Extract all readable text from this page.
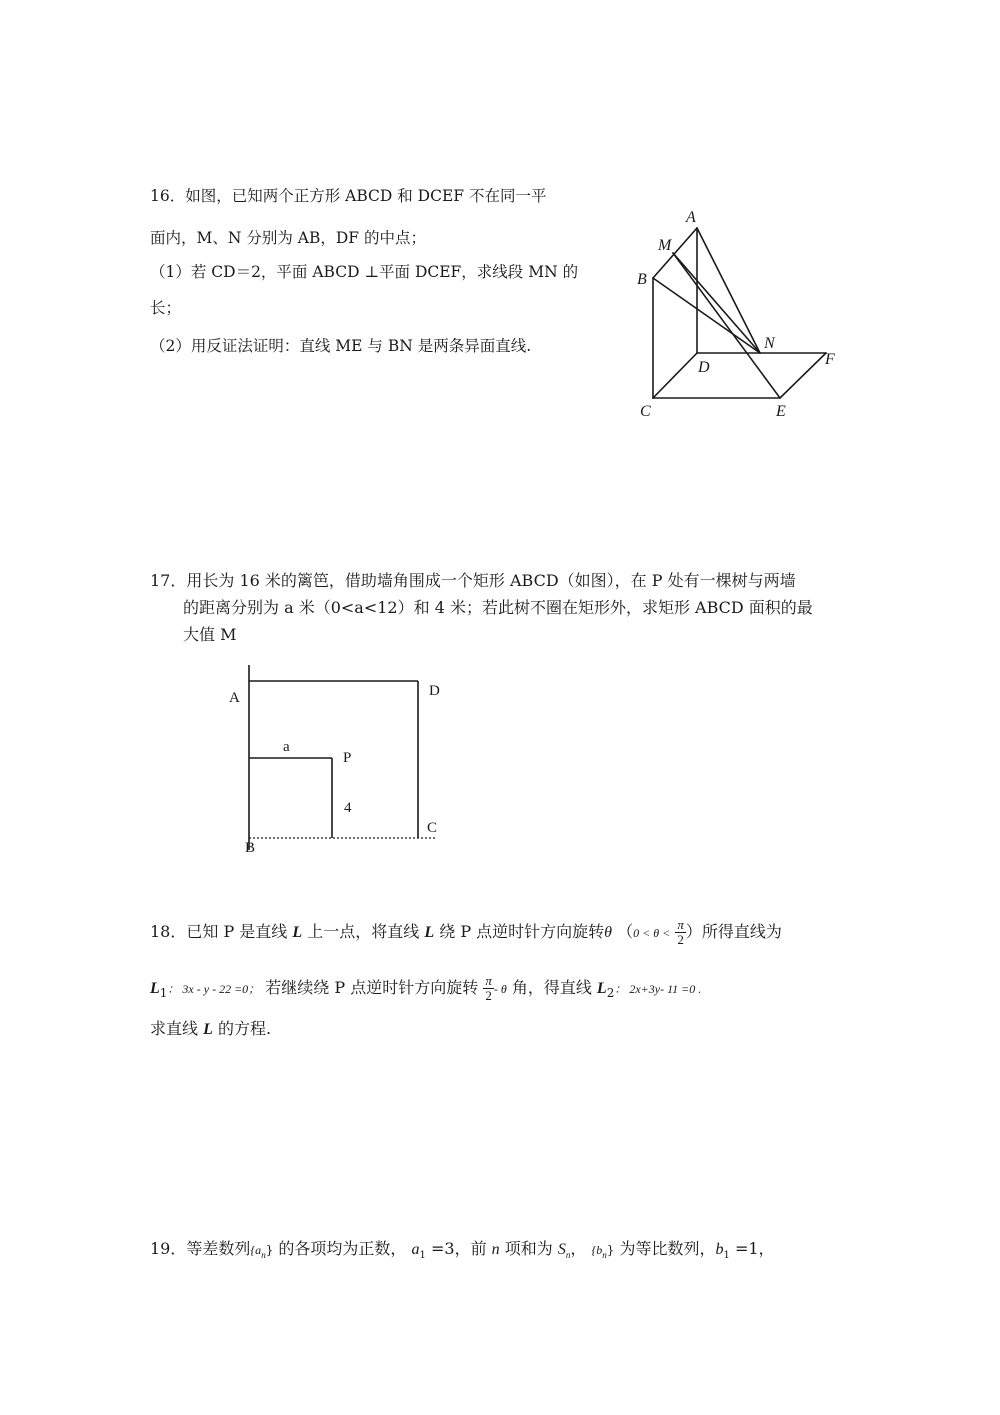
16．如图，已知两个正方形 ABCD 和 DCEF 不在同一平
面内，M、N 分别为 AB，DF 的中点；
（1）若 CD＝2，平面 ABCD ⊥平面 DCEF，求线段 MN 的
长；
（2）用反证法证明：直线 ME 与 BN 是两条异面直线.
A
M
B
N
D	F
C	E
17．用长为 16 米的篱笆，借助墙角围成一个矩形 ABCD（如图），在 P 处有一棵树与两墙
的距离分别为 a 米（0<a<12）和 4 米；若此树不圈在矩形外，求矩形 ABCD 面积的最
大值 M
A	D
a
P
4
C
B
18．已知 P 是直线 L 上一点，将直线 L 绕 P 点逆时针方向旋转θ （$0 < \theta < \frac{\pi}{2}$ ）所得直线为
$L_1$： 3x - y - 22 =0； 若继续绕 P 点逆时针方向旋转 $\frac{\pi}{2}$ - θ 角，得直线 $L_2$： 2x+3y- 11 =0 .
求直线 L 的方程.
19．等差数列$\{a_n\}$ 的各项均为正数， $a_1 =3$，前 n 项和为 $S_n$， $\{b_n\}$ 为等比数列，$b_1 =1$，
